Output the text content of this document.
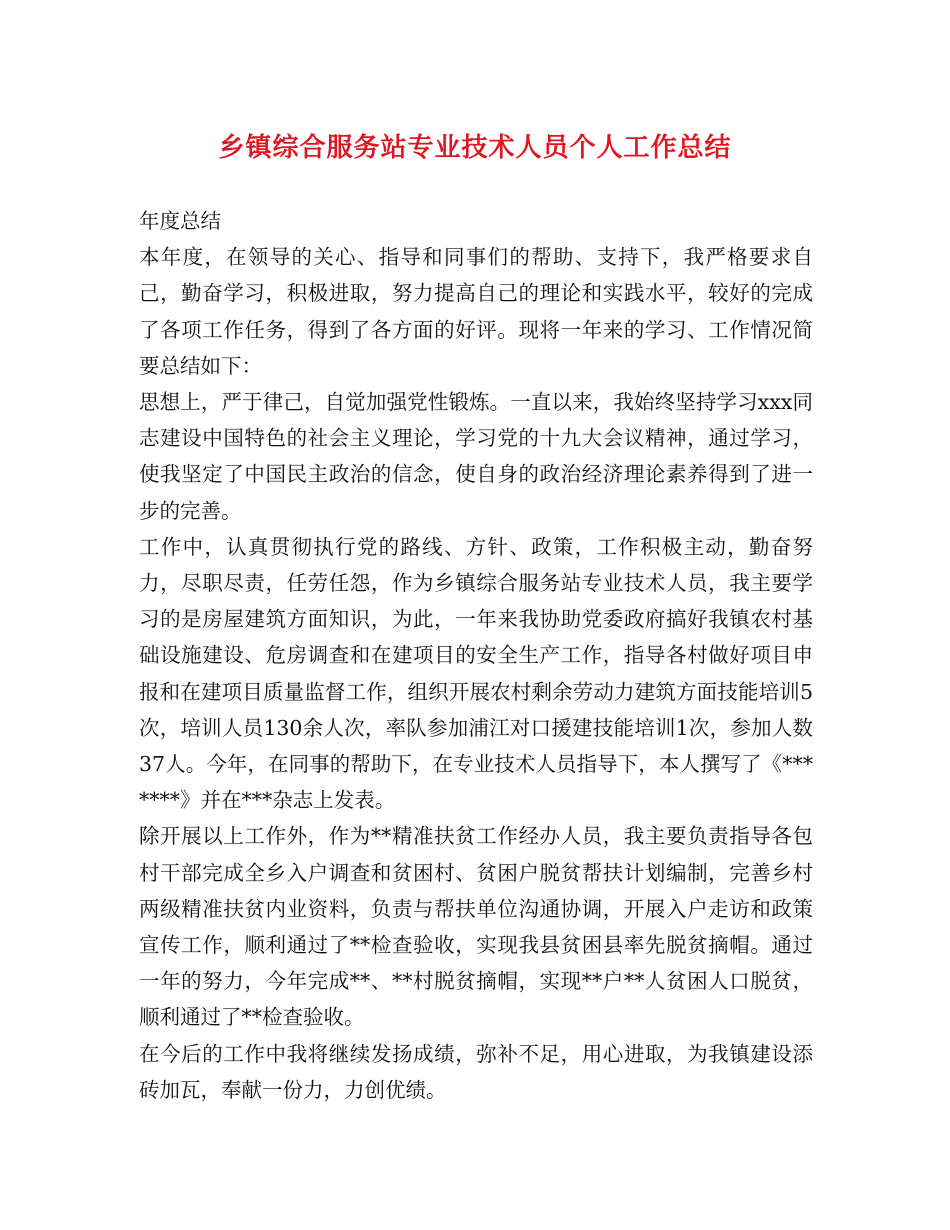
乡镇综合服务站专业技术人员个人工作总结

年度总结

本年度，在领导的关心、指导和同事们的帮助、支持下，我严格要求自己，勤奋学习，积极进取，努力提高自己的理论和实践水平，较好的完成了各项工作任务，得到了各方面的好评。现将一年来的学习、工作情况简要总结如下：

思想上，严于律己，自觉加强党性锻炼。一直以来，我始终坚持学习xxx同志建设中国特色的社会主义理论，学习党的十九大会议精神，通过学习，使我坚定了中国民主政治的信念，使自身的政治经济理论素养得到了进一步的完善。

工作中，认真贯彻执行党的路线、方针、政策，工作积极主动，勤奋努力，尽职尽责，任劳任怨，作为乡镇综合服务站专业技术人员，我主要学习的是房屋建筑方面知识，为此，一年来我协助党委政府搞好我镇农村基础设施建设、危房调查和在建项目的安全生产工作，指导各村做好项目申报和在建项目质量监督工作，组织开展农村剩余劳动力建筑方面技能培训5次，培训人员130余人次，率队参加浦江对口援建技能培训1次，参加人数37人。今年，在同事的帮助下，在专业技术人员指导下，本人撰写了《*******》并在***杂志上发表。

除开展以上工作外，作为**精准扶贫工作经办人员，我主要负责指导各包村干部完成全乡入户调查和贫困村、贫困户脱贫帮扶计划编制，完善乡村两级精准扶贫内业资料，负责与帮扶单位沟通协调，开展入户走访和政策宣传工作，顺利通过了**检查验收，实现我县贫困县率先脱贫摘帽。通过一年的努力，今年完成**、**村脱贫摘帽，实现**户**人贫困人口脱贫，顺利通过了**检查验收。

在今后的工作中我将继续发扬成绩，弥补不足，用心进取，为我镇建设添砖加瓦，奉献一份力，力创优绩。
